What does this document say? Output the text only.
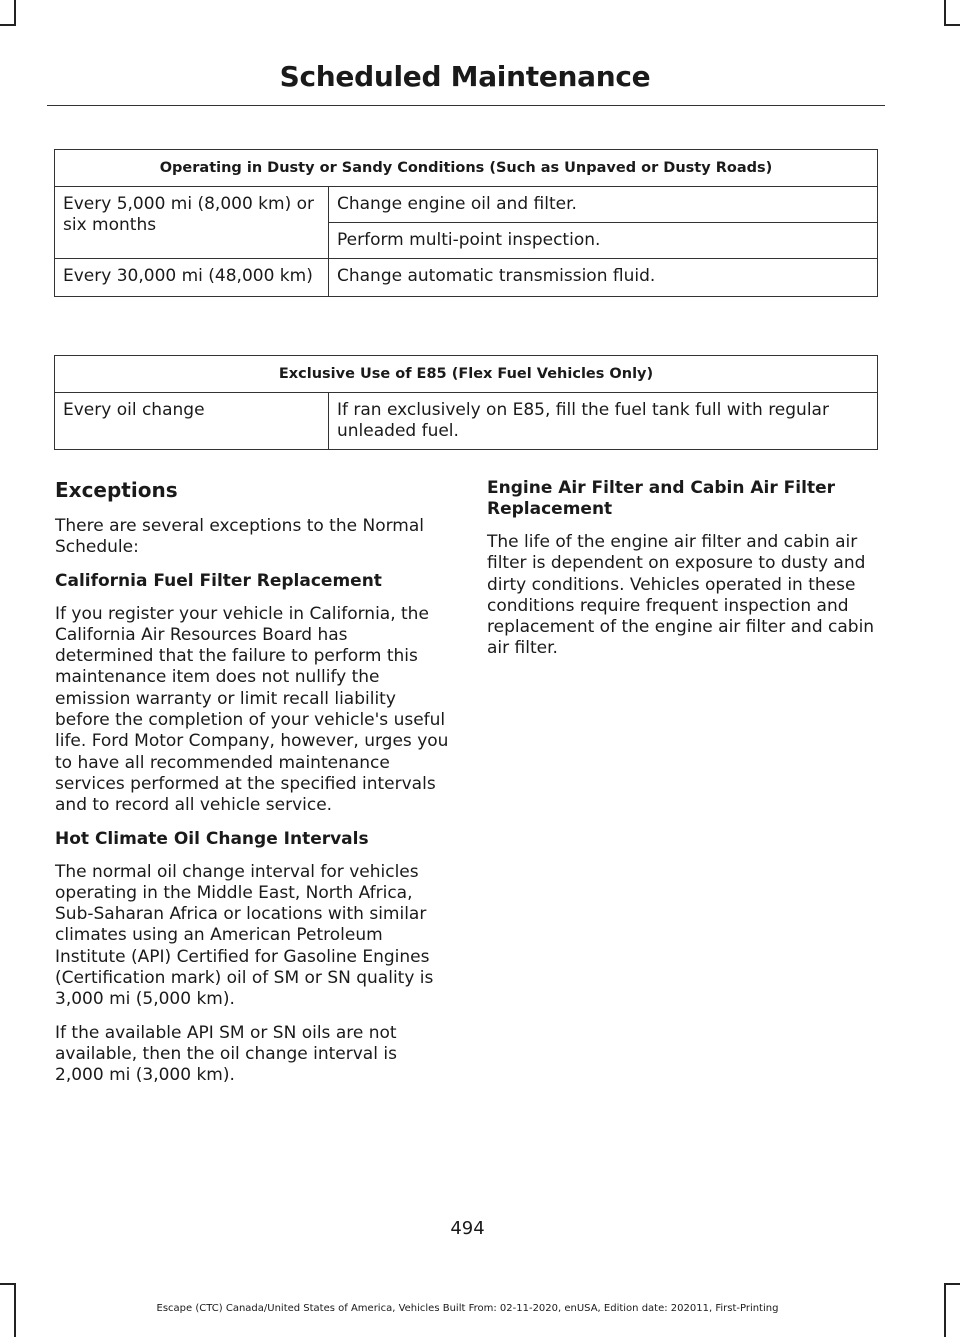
Scheduled Maintenance
Operating in Dusty or Sandy Conditions (Such as Unpaved or Dusty Roads)	
Every 5,000 mi (8,000 km) or six months	Change engine oil and filter.
	Perform multi-point inspection.
Every 30,000 mi (48,000 km)	Change automatic transmission fluid.
Exclusive Use of E85 (Flex Fuel Vehicles Only)
Every oil change	If ran exclusively on E85, fill the fuel tank full with regular unleaded fuel.
Exceptions

There are several exceptions to the Normal Schedule:

California Fuel Filter Replacement

If you register your vehicle in California, the California Air Resources Board has determined that the failure to perform this maintenance item does not nullify the emission warranty or limit recall liability before the completion of your vehicle's useful life. Ford Motor Company, however, urges you to have all recommended maintenance services performed at the specified intervals and to record all vehicle service.

Hot Climate Oil Change Intervals

The normal oil change interval for vehicles operating in the Middle East, North Africa, Sub-Saharan Africa or locations with similar climates using an American Petroleum Institute (API) Certified for Gasoline Engines (Certification mark) oil of SM or SN quality is 3,000 mi (5,000 km).

If the available API SM or SN oils are not available, then the oil change interval is 2,000 mi (3,000 km).

Engine Air Filter and Cabin Air Filter Replacement

The life of the engine air filter and cabin air filter is dependent on exposure to dusty and dirty conditions. Vehicles operated in these conditions require frequent inspection and replacement of the engine air filter and cabin air filter.

494
Escape (CTC) Canada/United States of America, Vehicles Built From: 02-11-2020, enUSA, Edition date: 202011, First-Printing
